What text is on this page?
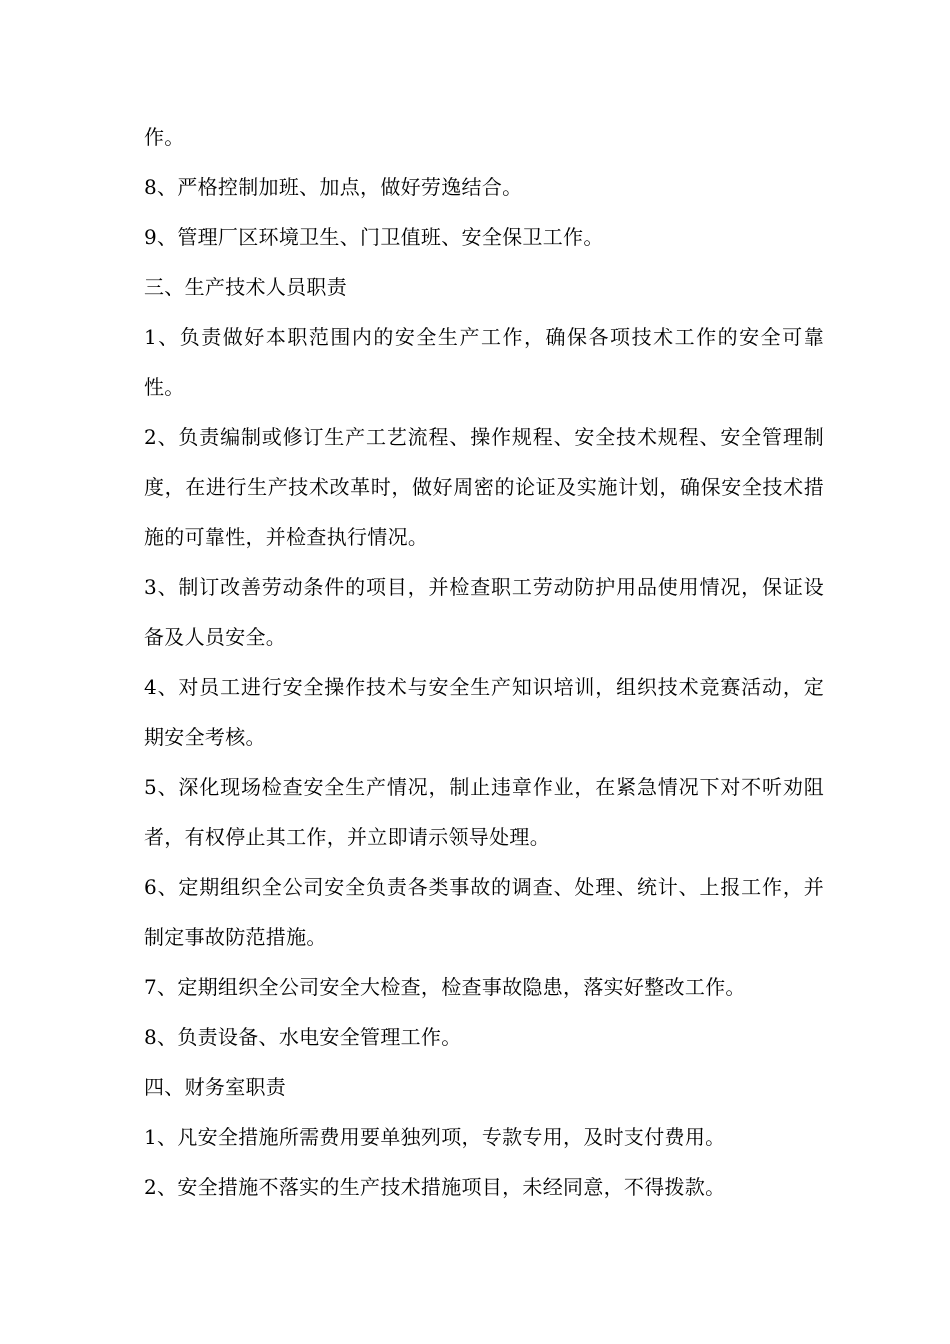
作。

8、严格控制加班、加点，做好劳逸结合。

9、管理厂区环境卫生、门卫值班、安全保卫工作。

三、生产技术人员职责

1、负责做好本职范围内的安全生产工作，确保各项技术工作的安全可靠性。

2、负责编制或修订生产工艺流程、操作规程、安全技术规程、安全管理制度，在进行生产技术改革时，做好周密的论证及实施计划，确保安全技术措施的可靠性，并检查执行情况。

3、制订改善劳动条件的项目，并检查职工劳动防护用品使用情况，保证设备及人员安全。

4、对员工进行安全操作技术与安全生产知识培训，组织技术竞赛活动，定期安全考核。

5、深化现场检查安全生产情况，制止违章作业，在紧急情况下对不听劝阻者，有权停止其工作，并立即请示领导处理。

6、定期组织全公司安全负责各类事故的调查、处理、统计、上报工作，并制定事故防范措施。

7、定期组织全公司安全大检查，检查事故隐患，落实好整改工作。

8、负责设备、水电安全管理工作。

四、财务室职责

1、凡安全措施所需费用要单独列项，专款专用，及时支付费用。

2、安全措施不落实的生产技术措施项目，未经同意，不得拨款。
